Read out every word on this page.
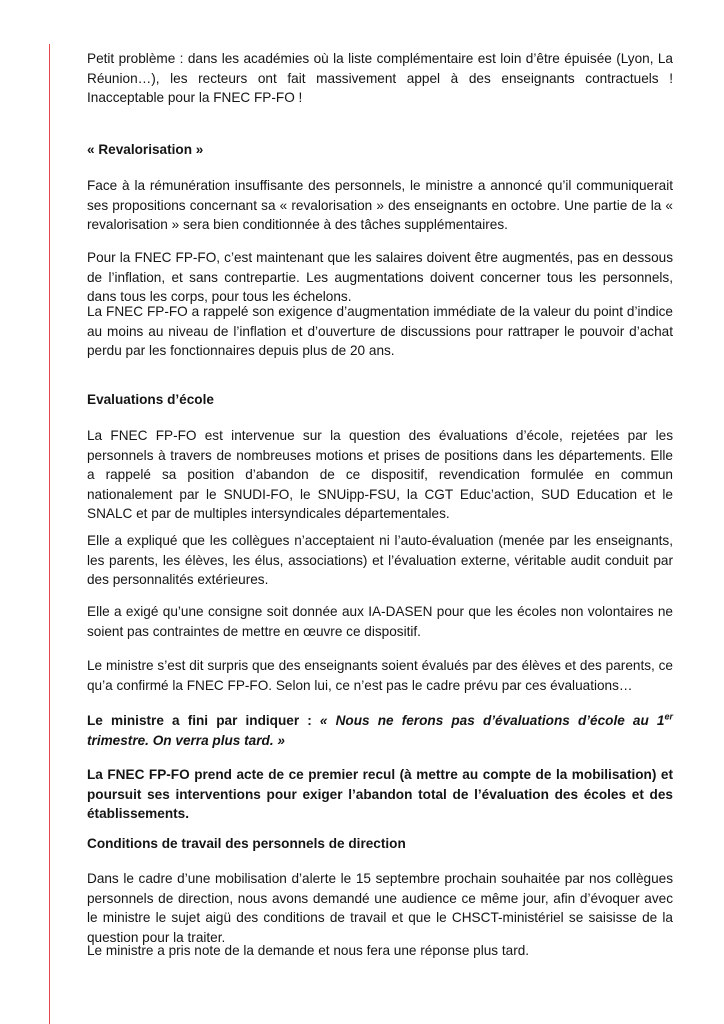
Petit problème : dans les académies où la liste complémentaire est loin d’être épuisée (Lyon, La Réunion…), les recteurs ont fait massivement appel à des enseignants contractuels ! Inacceptable pour la FNEC FP-FO !

« Revalorisation »

Face à la rémunération insuffisante des personnels, le ministre a annoncé qu’il communiquerait ses propositions concernant sa « revalorisation » des enseignants en octobre. Une partie de la « revalorisation » sera bien conditionnée à des tâches supplémentaires.

Pour la FNEC FP-FO, c’est maintenant que les salaires doivent être augmentés, pas en dessous de l’inflation, et sans contrepartie. Les augmentations doivent concerner tous les personnels, dans tous les corps, pour tous les échelons.

La FNEC FP-FO a rappelé son exigence d’augmentation immédiate de la valeur du point d’indice au moins au niveau de l’inflation et d’ouverture de discussions pour rattraper le pouvoir d’achat perdu par les fonctionnaires depuis plus de 20 ans.

Evaluations d’école

La FNEC FP-FO est intervenue sur la question des évaluations d’école, rejetées par les personnels à travers de nombreuses motions et prises de positions dans les départements. Elle a rappelé sa position d’abandon de ce dispositif, revendication formulée en commun nationalement par le SNUDI-FO, le SNUipp-FSU, la CGT Educ’action, SUD Education et le SNALC et par de multiples intersyndicales départementales.

Elle a expliqué que les collègues n’acceptaient ni l’auto-évaluation (menée par les enseignants, les parents, les élèves, les élus, associations) et l’évaluation externe, véritable audit conduit par des personnalités extérieures.

Elle a exigé qu’une consigne soit donnée aux IA-DASEN pour que les écoles non volontaires ne soient pas contraintes de mettre en œuvre ce dispositif.

Le ministre s’est dit surpris que des enseignants soient évalués par des élèves et des parents, ce qu’a confirmé la FNEC FP-FO. Selon lui, ce n’est pas le cadre prévu par ces évaluations…

Le ministre a fini par indiquer : « Nous ne ferons pas d’évaluations d’école au 1er trimestre. On verra plus tard. »

La FNEC FP-FO prend acte de ce premier recul (à mettre au compte de la mobilisation) et poursuit ses interventions pour exiger l’abandon total de l’évaluation des écoles et des établissements.

Conditions de travail des personnels de direction

Dans le cadre d’une mobilisation d’alerte le 15 septembre prochain souhaitée par nos collègues personnels de direction, nous avons demandé une audience ce même jour, afin d’évoquer avec le ministre le sujet aigü des conditions de travail et que le CHSCT-ministériel se saisisse de la question pour la traiter.

Le ministre a pris note de la demande et nous fera une réponse plus tard.
